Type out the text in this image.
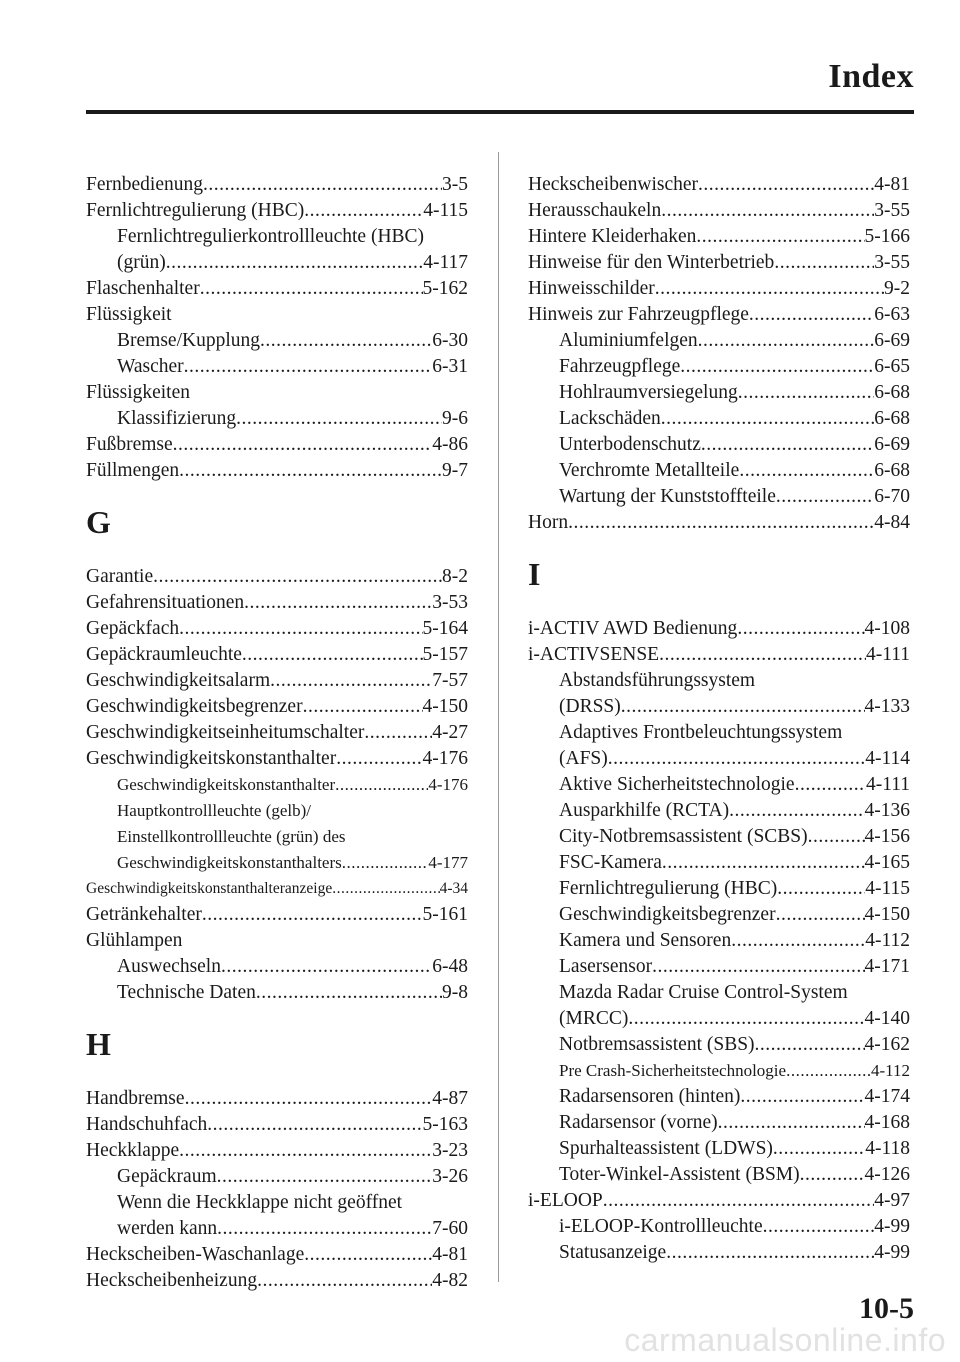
Index
Fernbedienung .....	3-5
Fernlichtregulierung (HBC) .....	4-115
Fernlichtregulierkontrollleuchte (HBC)
(grün) .....	4-117
Flaschenhalter .....	5-162
Flüssigkeit
Bremse/Kupplung .....	6-30
Wascher .....	6-31
Flüssigkeiten
Klassifizierung .....	9-6
Fußbremse .....	4-86
Füllmengen .....	9-7
G
Garantie .....	8-2
Gefahrensituationen .....	3-53
Gepäckfach .....	5-164
Gepäckraumleuchte .....	5-157
Geschwindigkeitsalarm .....	7-57
Geschwindigkeitsbegrenzer .....	4-150
Geschwindigkeitseinheitumschalter .....	4-27
Geschwindigkeitskonstanthalter .....	4-176
Geschwindigkeitskonstanthalter .....	4-176
Hauptkontrollleuchte (gelb)/
Einstellkontrollleuchte (grün) des
Geschwindigkeitskonstanthalters .....	4-177
Geschwindigkeitskonstanthalteranzeige .....	4-34
Getränkehalter .....	5-161
Glühlampen
Auswechseln .....	6-48
Technische Daten .....	9-8
H
Handbremse .....	4-87
Handschuhfach .....	5-163
Heckklappe .....	3-23
Gepäckraum .....	3-26
Wenn die Heckklappe nicht geöffnet
werden kann .....	7-60
Heckscheiben-Waschanlage .....	4-81
Heckscheibenheizung .....	4-82
Heckscheibenwischer .....	4-81
Herausschaukeln .....	3-55
Hintere Kleiderhaken .....	5-166
Hinweise für den Winterbetrieb .....	3-55
Hinweisschilder .....	9-2
Hinweis zur Fahrzeugpflege .....	6-63
Aluminiumfelgen .....	6-69
Fahrzeugpflege .....	6-65
Hohlraumversiegelung .....	6-68
Lackschäden .....	6-68
Unterbodenschutz .....	6-69
Verchromte Metallteile .....	6-68
Wartung der Kunststoffteile .....	6-70
Horn .....	4-84
I
i-ACTIV AWD Bedienung .....	4-108
i-ACTIVSENSE .....	4-111
Abstandsführungssystem
(DRSS) .....	4-133
Adaptives Frontbeleuchtungssystem
(AFS) .....	4-114
Aktive Sicherheitstechnologie .....	4-111
Ausparkhilfe (RCTA) .....	4-136
City-Notbremsassistent (SCBS) .....	4-156
FSC-Kamera .....	4-165
Fernlichtregulierung (HBC) .....	4-115
Geschwindigkeitsbegrenzer .....	4-150
Kamera und Sensoren .....	4-112
Lasersensor .....	4-171
Mazda Radar Cruise Control-System
(MRCC) .....	4-140
Notbremsassistent (SBS) .....	4-162
Pre Crash-Sicherheitstechnologie .....	4-112
Radarsensoren (hinten) .....	4-174
Radarsensor (vorne) .....	4-168
Spurhalteassistent (LDWS) .....	4-118
Toter-Winkel-Assistent (BSM) .....	4-126
i-ELOOP .....	4-97
i-ELOOP-Kontrollleuchte .....	4-99
Statusanzeige .....	4-99
10-5
carmanualsonline.info
